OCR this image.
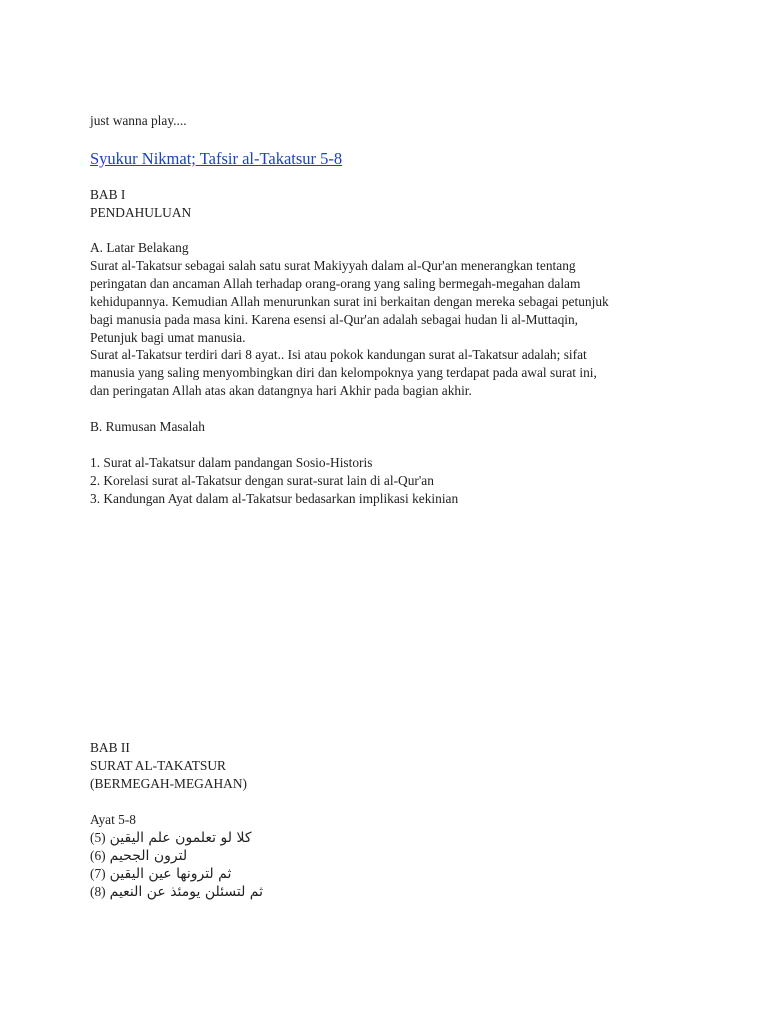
just wanna play....
Syukur Nikmat; Tafsir al-Takatsur 5-8
BAB I
PENDAHULUAN
A. Latar Belakang
Surat al-Takatsur sebagai salah satu surat Makiyyah dalam al-Qur'an menerangkan tentang
peringatan dan ancaman Allah terhadap orang-orang yang saling bermegah-megahan dalam
kehidupannya. Kemudian Allah menurunkan surat ini berkaitan dengan mereka sebagai petunjuk
bagi manusia pada masa kini. Karena esensi al-Qur'an adalah sebagai hudan li al-Muttaqin,
Petunjuk bagi umat manusia.
Surat al-Takatsur terdiri dari 8 ayat.. Isi atau pokok kandungan surat al-Takatsur adalah; sifat
manusia yang saling menyombingkan diri dan kelompoknya yang terdapat pada awal surat ini,
dan peringatan Allah atas akan datangnya hari Akhir pada bagian akhir.
B. Rumusan Masalah
1. Surat al-Takatsur dalam pandangan Sosio-Historis
2. Korelasi surat al-Takatsur dengan surat-surat lain di al-Qur'an
3. Kandungan Ayat dalam al-Takatsur bedasarkan implikasi kekinian
BAB II
SURAT AL-TAKATSUR
(BERMEGAH-MEGAHAN)
Ayat 5-8
(5) كلا لو تعلمون علم اليقين
(6) لترون الجحيم
(7) ثم لترونها عين اليقين
(8) ثم لتسئلن يومئذ عن النعيم
